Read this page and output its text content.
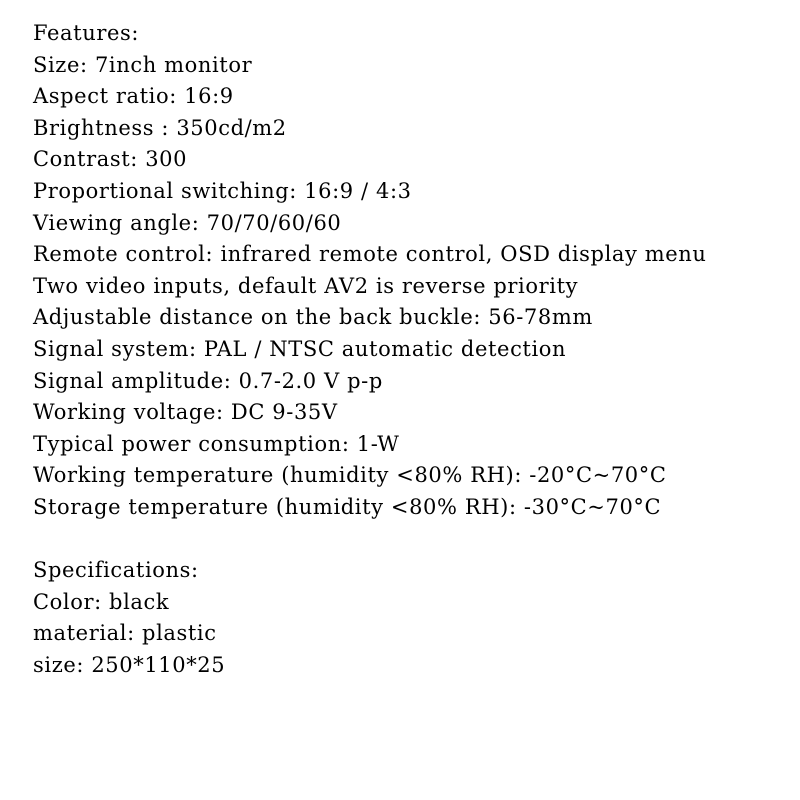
Features:
Size: 7inch monitor
Aspect ratio: 16:9
Brightness : 350cd/m2
Contrast: 300
Proportional switching: 16:9 / 4:3
Viewing angle: 70/70/60/60
Remote control: infrared remote control, OSD display menu
Two video inputs, default AV2 is reverse priority
Adjustable distance on the back buckle: 56-78mm
Signal system: PAL / NTSC automatic detection
Signal amplitude: 0.7-2.0 V p-p
Working voltage: DC 9-35V
Typical power consumption: 1-W
Working temperature (humidity <80% RH): -20°C~70°C
Storage temperature (humidity <80% RH): -30°C~70°C
Specifications:
Color: black
material: plastic
size: 250*110*25
